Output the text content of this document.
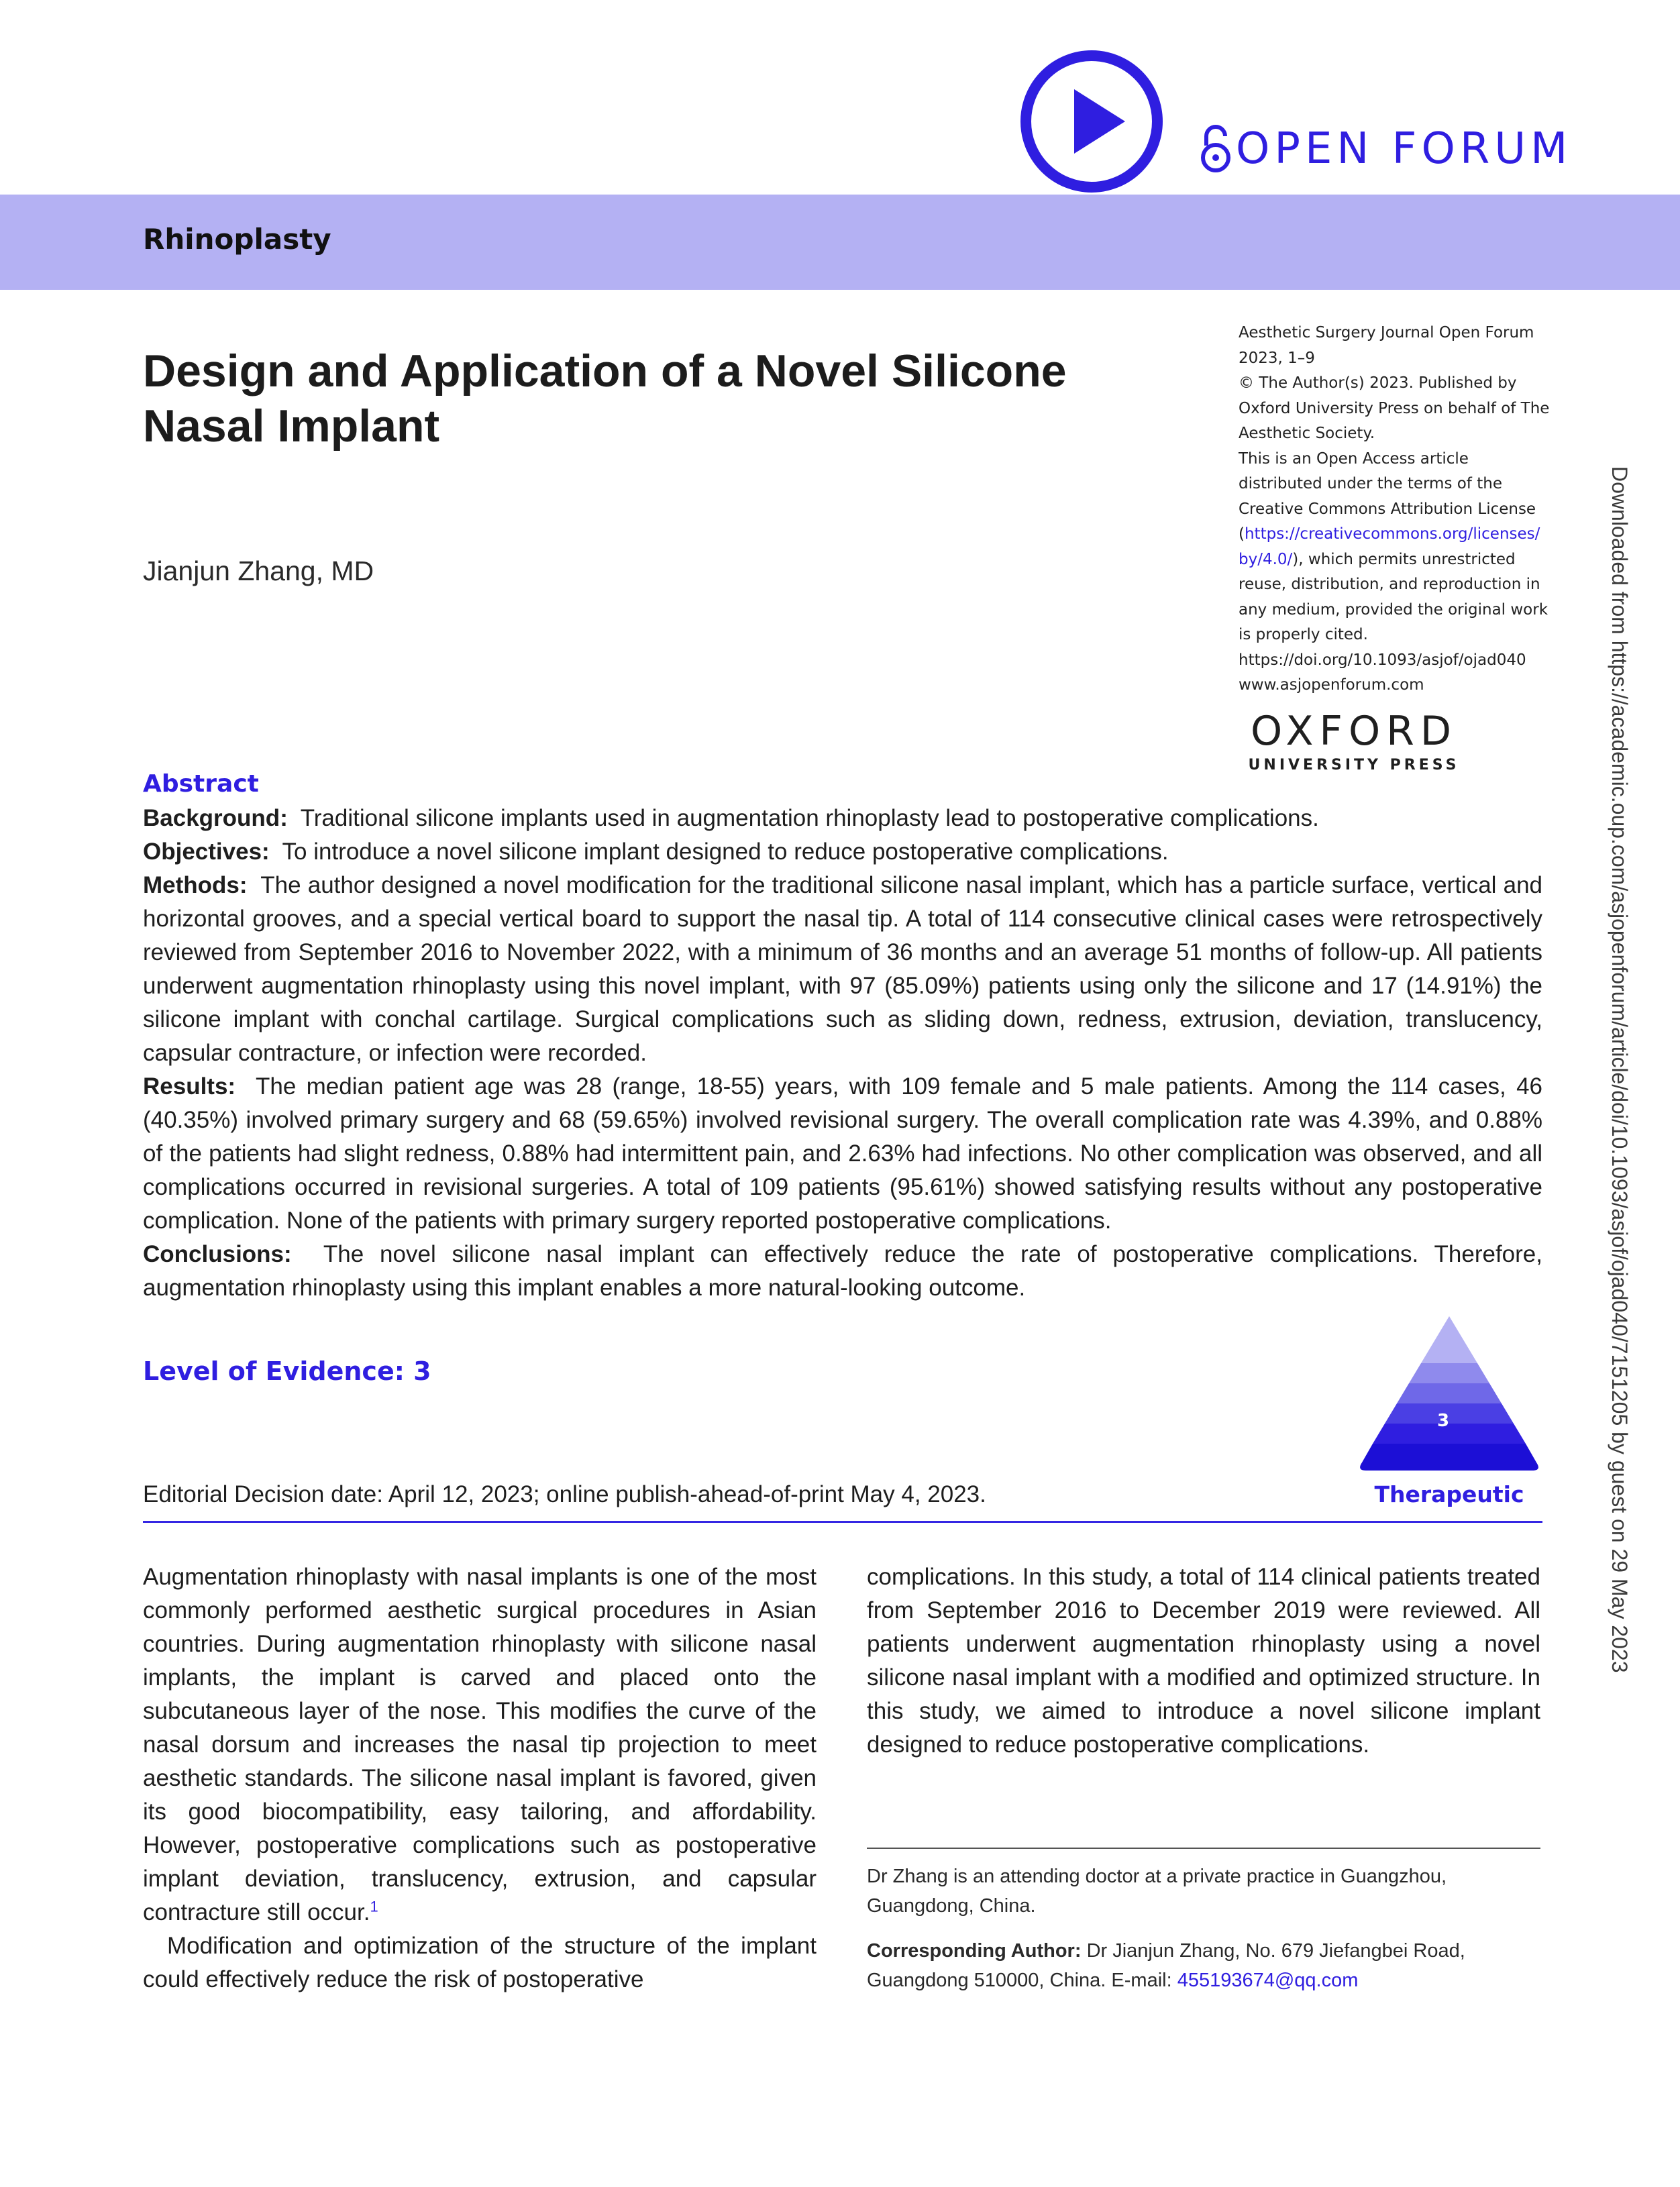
OPEN FORUM
Rhinoplasty
Design and Application of a Novel Silicone
Nasal Implant
Jianjun Zhang, MD
Aesthetic Surgery Journal Open Forum
2023, 1–9
© The Author(s) 2023. Published by
Oxford University Press on behalf of The
Aesthetic Society.
This is an Open Access article
distributed under the terms of the
Creative Commons Attribution License
(https://creativecommons.org/licenses/
by/4.0/), which permits unrestricted
reuse, distribution, and reproduction in
any medium, provided the original work
is properly cited.
https://doi.org/10.1093/asjof/ojad040
www.asjopenforum.com
OXFORD
UNIVERSITY PRESS
Abstract
Background: Traditional silicone implants used in augmentation rhinoplasty lead to postoperative complications.
Objectives: To introduce a novel silicone implant designed to reduce postoperative complications.
Methods: The author designed a novel modification for the traditional silicone nasal implant, which has a particle surface, vertical and horizontal grooves, and a special vertical board to support the nasal tip. A total of 114 consecutive clinical cases were retrospectively reviewed from September 2016 to November 2022, with a minimum of 36 months and an average 51 months of follow-up. All patients underwent augmentation rhinoplasty using this novel implant, with 97 (85.09%) patients using only the silicone and 17 (14.91%) the silicone implant with conchal cartilage. Surgical complications such as sliding down, redness, extrusion, deviation, translucency, capsular contracture, or infection were recorded.
Results: The median patient age was 28 (range, 18-55) years, with 109 female and 5 male patients. Among the 114 cases, 46 (40.35%) involved primary surgery and 68 (59.65%) involved revisional surgery. The overall complication rate was 4.39%, and 0.88% of the patients had slight redness, 0.88% had intermittent pain, and 2.63% had infections. No other complication was observed, and all complications occurred in revisional surgeries. A total of 109 patients (95.61%) showed satisfying results without any postoperative complication. None of the patients with primary surgery reported postoperative complications.
Conclusions: The novel silicone nasal implant can effectively reduce the rate of postoperative complications. Therefore, augmentation rhinoplasty using this implant enables a more natural-looking outcome.
Level of Evidence: 3
3
Therapeutic
Editorial Decision date: April 12, 2023; online publish-ahead-of-print May 4, 2023.

Augmentation rhinoplasty with nasal implants is one of the most commonly performed aesthetic surgical procedures in Asian countries. During augmentation rhinoplasty with silicone nasal implants, the implant is carved and placed onto the subcutaneous layer of the nose. This modifies the curve of the nasal dorsum and increases the nasal tip projection to meet aesthetic standards. The silicone nasal implant is favored, given its good biocompatibility, easy tailoring, and affordability. However, postoperative complications such as postoperative implant deviation, translucency, extrusion, and capsular contracture still occur.$^1$

Modification and optimization of the structure of the implant could effectively reduce the risk of postoperative

complications. In this study, a total of 114 clinical patients treated from September 2016 to December 2019 were reviewed. All patients underwent augmentation rhinoplasty using a novel silicone nasal implant with a modified and optimized structure. In this study, we aimed to introduce a novel silicone implant designed to reduce postoperative complications.

Dr Zhang is an attending doctor at a private practice in Guangzhou, Guangdong, China.
Corresponding Author: Dr Jianjun Zhang, No. 679 Jiefangbei Road, Guangdong 510000, China. E-mail: 455193674@qq.com
Downloaded from https://academic.oup.com/asjopenforum/article/doi/10.1093/asjof/ojad040/7151205 by guest on 29 May 2023
